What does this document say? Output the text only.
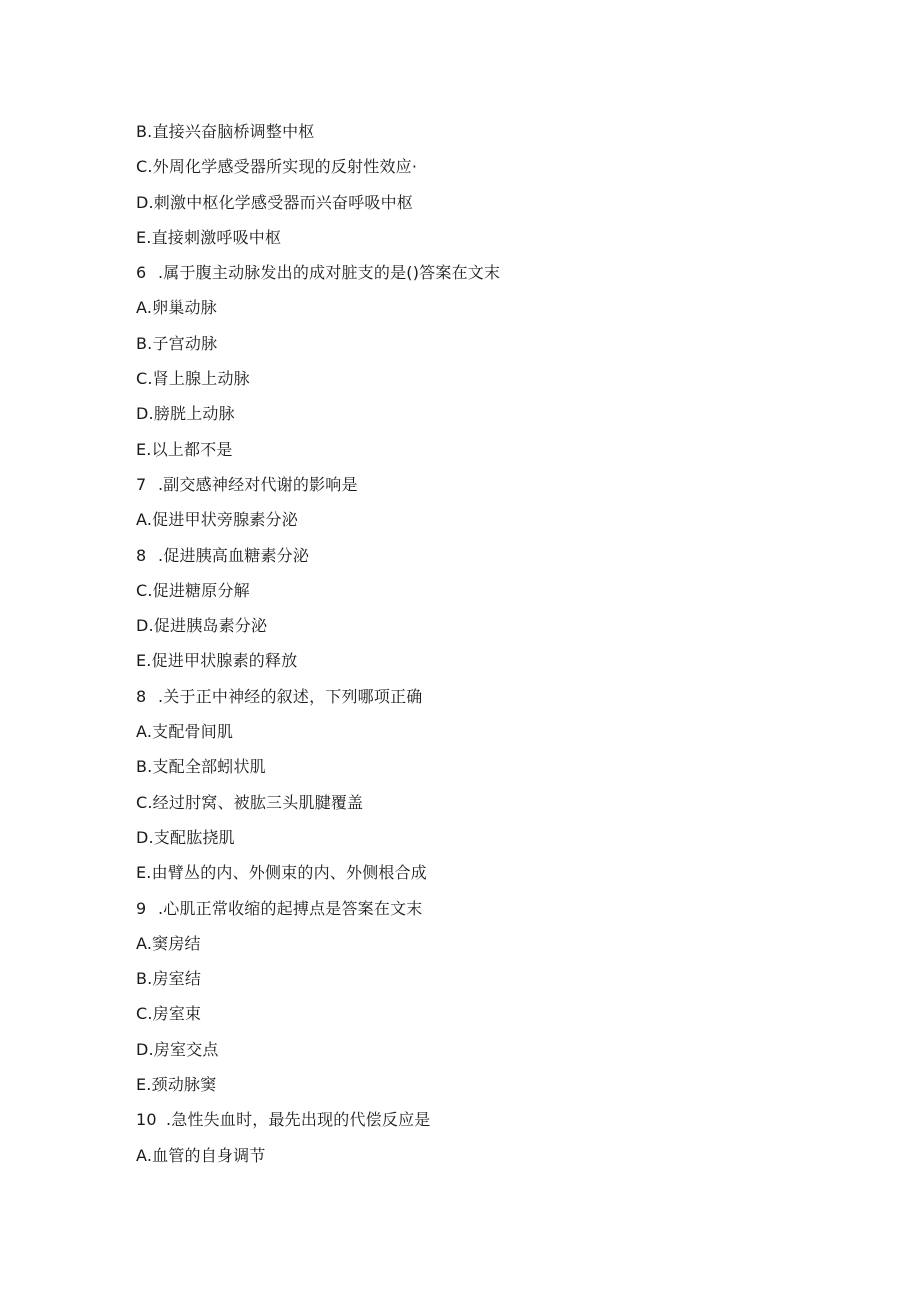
B.直接兴奋脑桥调整中枢
C.外周化学感受器所实现的反射性效应·
D.刺激中枢化学感受器而兴奋呼吸中枢
E.直接刺激呼吸中枢
6 .属于腹主动脉发出的成对脏支的是()答案在文末
A.卵巢动脉
B.子宫动脉
C.肾上腺上动脉
D.膀胱上动脉
E.以上都不是
7 .副交感神经对代谢的影响是
A.促进甲状旁腺素分泌
8 .促进胰高血糖素分泌
C.促进糖原分解
D.促进胰岛素分泌
E.促进甲状腺素的释放
8 .关于正中神经的叙述，下列哪项正确
A.支配骨间肌
B.支配全部蚓状肌
C.经过肘窝、被肱三头肌腱覆盖
D.支配肱挠肌
E.由臂丛的内、外侧束的内、外侧根合成
9 .心肌正常收缩的起搏点是答案在文末
A.窦房结
B.房室结
C.房室束
D.房室交点
E.颈动脉窦
10 .急性失血时，最先出现的代偿反应是
A.血管的自身调节
